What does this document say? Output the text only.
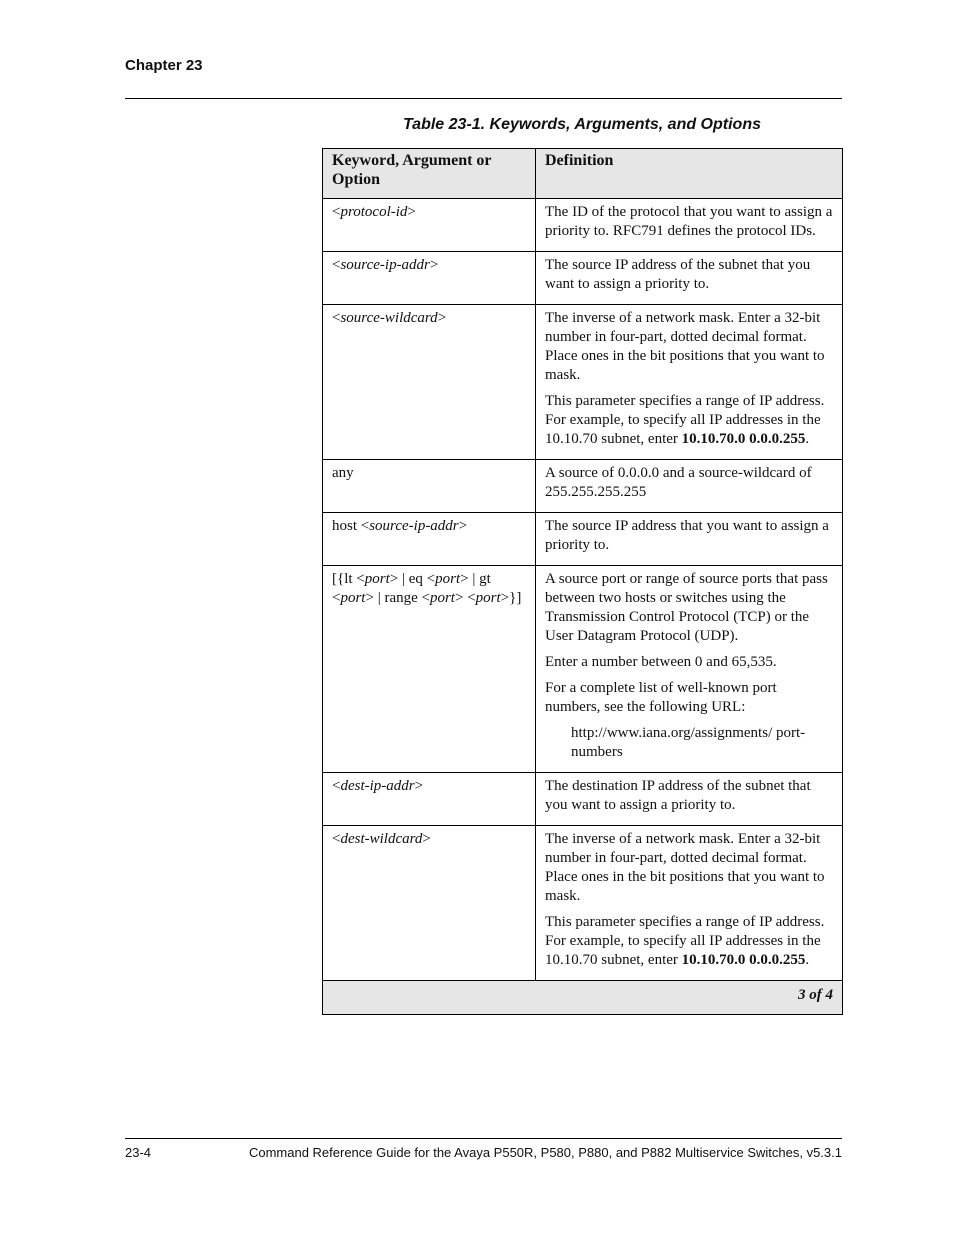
Chapter 23
Table 23-1. Keywords, Arguments, and Options
Keyword, Argument or Option	Definition
<protocol-id>	The ID of the protocol that you want to assign a priority to. RFC791 defines the protocol IDs.

<source-ip-addr>	The source IP address of the subnet that you want to assign a priority to.

<source-wildcard>	The inverse of a network mask. Enter a 32-bit number in four-part, dotted decimal format. Place ones in the bit positions that you want to mask.

This parameter specifies a range of IP address. For example, to specify all IP addresses in the 10.10.70 subnet, enter 10.10.70.0 0.0.0.255.

any	A source of 0.0.0.0 and a source-wildcard of 255.255.255.255

host <source-ip-addr>	The source IP address that you want to assign a priority to.

[{lt <port> | eq <port> | gt <port> | range <port> <port>}]	A source port or range of source ports that pass between two hosts or switches using the Transmission Control Protocol (TCP) or the User Datagram Protocol (UDP).

Enter a number between 0 and 65,535.

For a complete list of well-known port numbers, see the following URL:

http://www.iana.org/assignments/ port-numbers

<dest-ip-addr>	The destination IP address of the subnet that you want to assign a priority to.

<dest-wildcard>	The inverse of a network mask. Enter a 32-bit number in four-part, dotted decimal format. Place ones in the bit positions that you want to mask.

This parameter specifies a range of IP address. For example, to specify all IP addresses in the 10.10.70 subnet, enter 10.10.70.0 0.0.0.255.

3 of 4	
23-4	Command Reference Guide for the Avaya P550R, P580, P880, and P882 Multiservice Switches, v5.3.1
